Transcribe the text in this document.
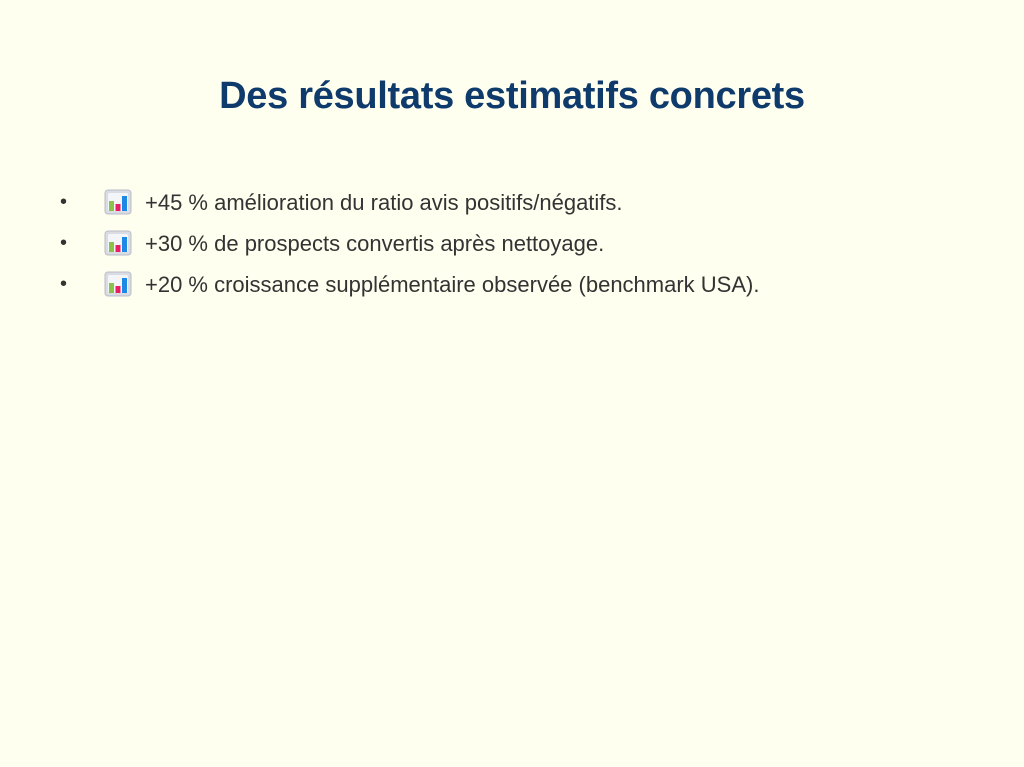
Des résultats estimatifs concrets
•	+45 % amélioration du ratio avis positifs/négatifs.
•	+30 % de prospects convertis après nettoyage.
•	+20 % croissance supplémentaire observée (benchmark USA).
